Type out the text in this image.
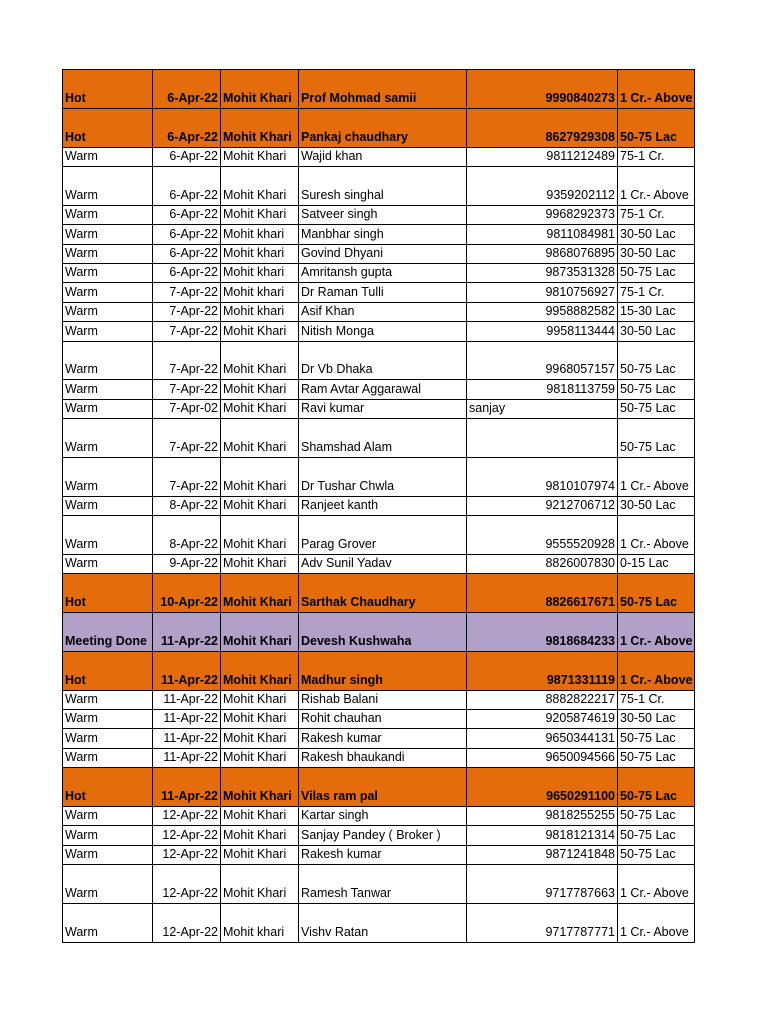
Hot	6-Apr-22	Mohit Khari	Prof Mohmad samii	9990840273	1 Cr.- Above
Hot	6-Apr-22	Mohit Khari	Pankaj chaudhary	8627929308	50-75 Lac
Warm	6-Apr-22	Mohit Khari	Wajid khan	9811212489	75-1 Cr.
Warm	6-Apr-22	Mohit Khari	Suresh singhal	9359202112	1 Cr.- Above
Warm	6-Apr-22	Mohit Khari	Satveer singh	9968292373	75-1 Cr.
Warm	6-Apr-22	Mohit khari	Manbhar singh	9811084981	30-50 Lac
Warm	6-Apr-22	Mohit khari	Govind Dhyani	9868076895	30-50 Lac
Warm	6-Apr-22	Mohit khari	Amritansh gupta	9873531328	50-75 Lac
Warm	7-Apr-22	Mohit khari	Dr Raman Tulli	9810756927	75-1 Cr.
Warm	7-Apr-22	Mohit khari	Asif Khan	9958882582	15-30 Lac
Warm	7-Apr-22	Mohit Khari	Nitish Monga	9958113444	30-50 Lac
Warm	7-Apr-22	Mohit Khari	Dr Vb Dhaka	9968057157	50-75 Lac
Warm	7-Apr-22	Mohit Khari	Ram Avtar Aggarawal	9818113759	50-75 Lac
Warm	7-Apr-02	Mohit Khari	Ravi kumar	sanjay	50-75 Lac
Warm	7-Apr-22	Mohit Khari	Shamshad Alam		50-75 Lac
Warm	7-Apr-22	Mohit Khari	Dr Tushar Chwla	9810107974	1 Cr.- Above
Warm	8-Apr-22	Mohit Khari	Ranjeet kanth	9212706712	30-50 Lac
Warm	8-Apr-22	Mohit Khari	Parag Grover	9555520928	1 Cr.- Above
Warm	9-Apr-22	Mohit Khari	Adv Sunil Yadav	8826007830	0-15 Lac
Hot	10-Apr-22	Mohit Khari	Sarthak Chaudhary	8826617671	50-75 Lac
Meeting Done	11-Apr-22	Mohit Khari	Devesh Kushwaha	9818684233	1 Cr.- Above
Hot	11-Apr-22	Mohit Khari	Madhur singh	9871331119	1 Cr.- Above
Warm	11-Apr-22	Mohit Khari	Rishab Balani	8882822217	75-1 Cr.
Warm	11-Apr-22	Mohit Khari	Rohit chauhan	9205874619	30-50 Lac
Warm	11-Apr-22	Mohit Khari	Rakesh kumar	9650344131	50-75 Lac
Warm	11-Apr-22	Mohit Khari	Rakesh bhaukandi	9650094566	50-75 Lac
Hot	11-Apr-22	Mohit Khari	Vilas ram pal	9650291100	50-75 Lac
Warm	12-Apr-22	Mohit Khari	Kartar singh	9818255255	50-75 Lac
Warm	12-Apr-22	Mohit Khari	Sanjay Pandey ( Broker )	9818121314	50-75 Lac
Warm	12-Apr-22	Mohit Khari	Rakesh kumar	9871241848	50-75 Lac
Warm	12-Apr-22	Mohit Khari	Ramesh Tanwar	9717787663	1 Cr.- Above
Warm	12-Apr-22	Mohit khari	Vishv Ratan	9717787771	1 Cr.- Above
